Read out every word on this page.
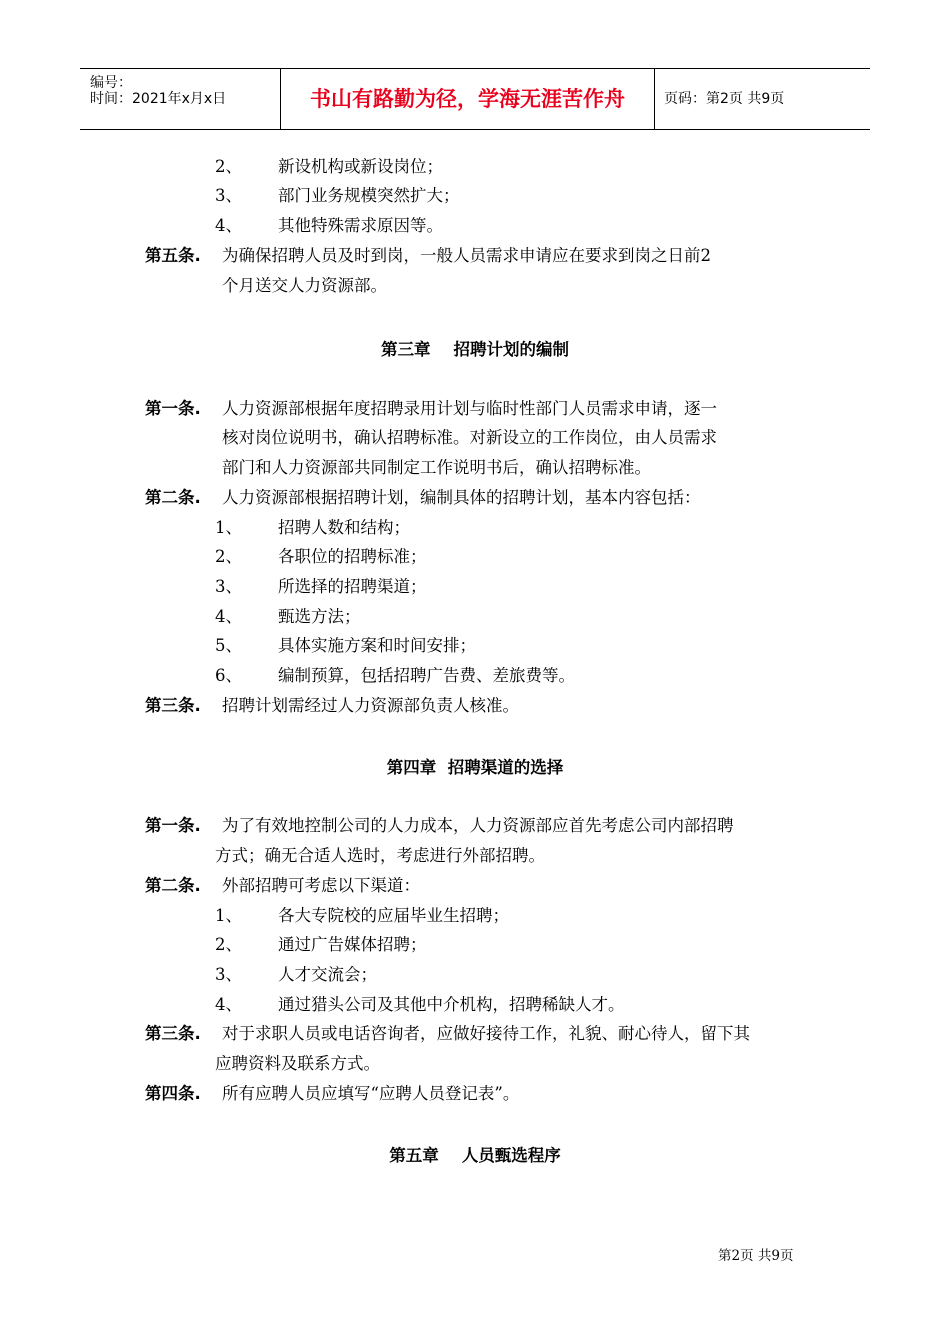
编号：
时间：2021年x月x日	书山有路勤为径，学海无涯苦作舟	页码：第2页 共9页
2、 新设机构或新设岗位；
3、 部门业务规模突然扩大；
4、 其他特殊需求原因等。
第五条. 为确保招聘人员及时到岗，一般人员需求申请应在要求到岗之日前2
个月送交人力资源部。
第三章    招聘计划的编制
第一条. 人力资源部根据年度招聘录用计划与临时性部门人员需求申请，逐一
核对岗位说明书，确认招聘标准。对新设立的工作岗位，由人员需求
部门和人力资源部共同制定工作说明书后，确认招聘标准。
第二条. 人力资源部根据招聘计划，编制具体的招聘计划，基本内容包括：
1、 招聘人数和结构；
2、 各职位的招聘标准；
3、 所选择的招聘渠道；
4、 甄选方法；
5、 具体实施方案和时间安排；
6、 编制预算，包括招聘广告费、差旅费等。
第三条. 招聘计划需经过人力资源部负责人核准。
第四章  招聘渠道的选择
第一条. 为了有效地控制公司的人力成本，人力资源部应首先考虑公司内部招聘
方式；确无合适人选时，考虑进行外部招聘。
第二条. 外部招聘可考虑以下渠道：
1、 各大专院校的应届毕业生招聘；
2、 通过广告媒体招聘；
3、 人才交流会；
4、 通过猎头公司及其他中介机构，招聘稀缺人才。
第三条. 对于求职人员或电话咨询者，应做好接待工作，礼貌、耐心待人，留下其
应聘资料及联系方式。
第四条. 所有应聘人员应填写“应聘人员登记表”。
第五章    人员甄选程序
第2页 共9页
